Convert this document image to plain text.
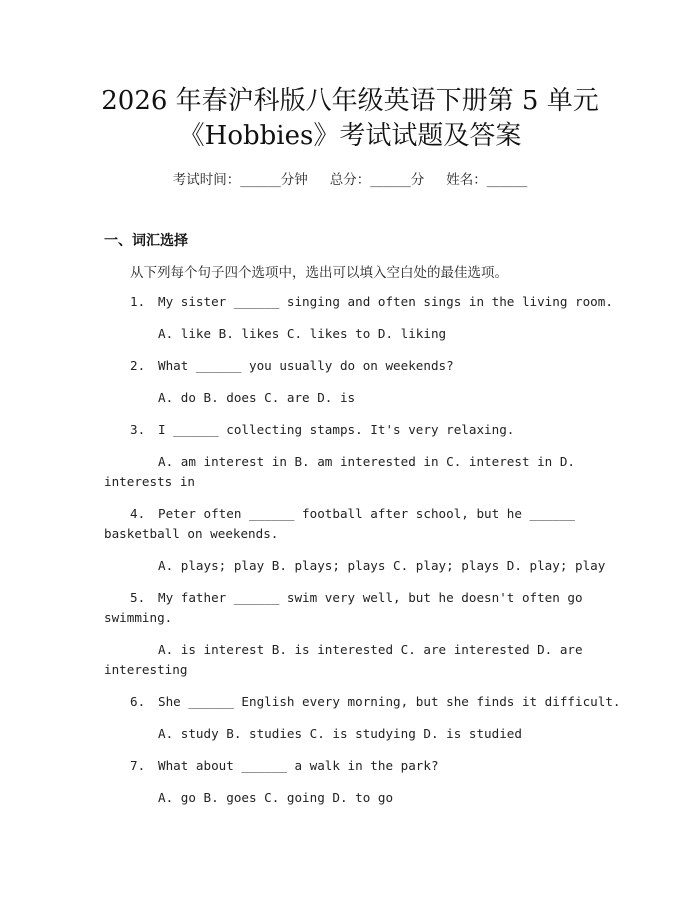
2026 年春沪科版八年级英语下册第 5 单元
《Hobbies》考试试题及答案
考试时间：______分钟 总分：______分 姓名：______
一、词汇选择
从下列每个句子四个选项中，选出可以填入空白处的最佳选项。
1. My sister ______ singing and often sings in the living room.
A. like B. likes C. likes to D. liking
2. What ______ you usually do on weekends?
A. do B. does C. are D. is
3. I ______ collecting stamps. It's very relaxing.
A. am interest in B. am interested in C. interest in D.
interests in
4. Peter often ______ football after school, but he ______
basketball on weekends.
A. plays; play B. plays; plays C. play; plays D. play; play
5. My father ______ swim very well, but he doesn't often go
swimming.
A. is interest B. is interested C. are interested D. are
interesting
6. She ______ English every morning, but she finds it difficult.
A. study B. studies C. is studying D. is studied
7. What about ______ a walk in the park?
A. go B. goes C. going D. to go
